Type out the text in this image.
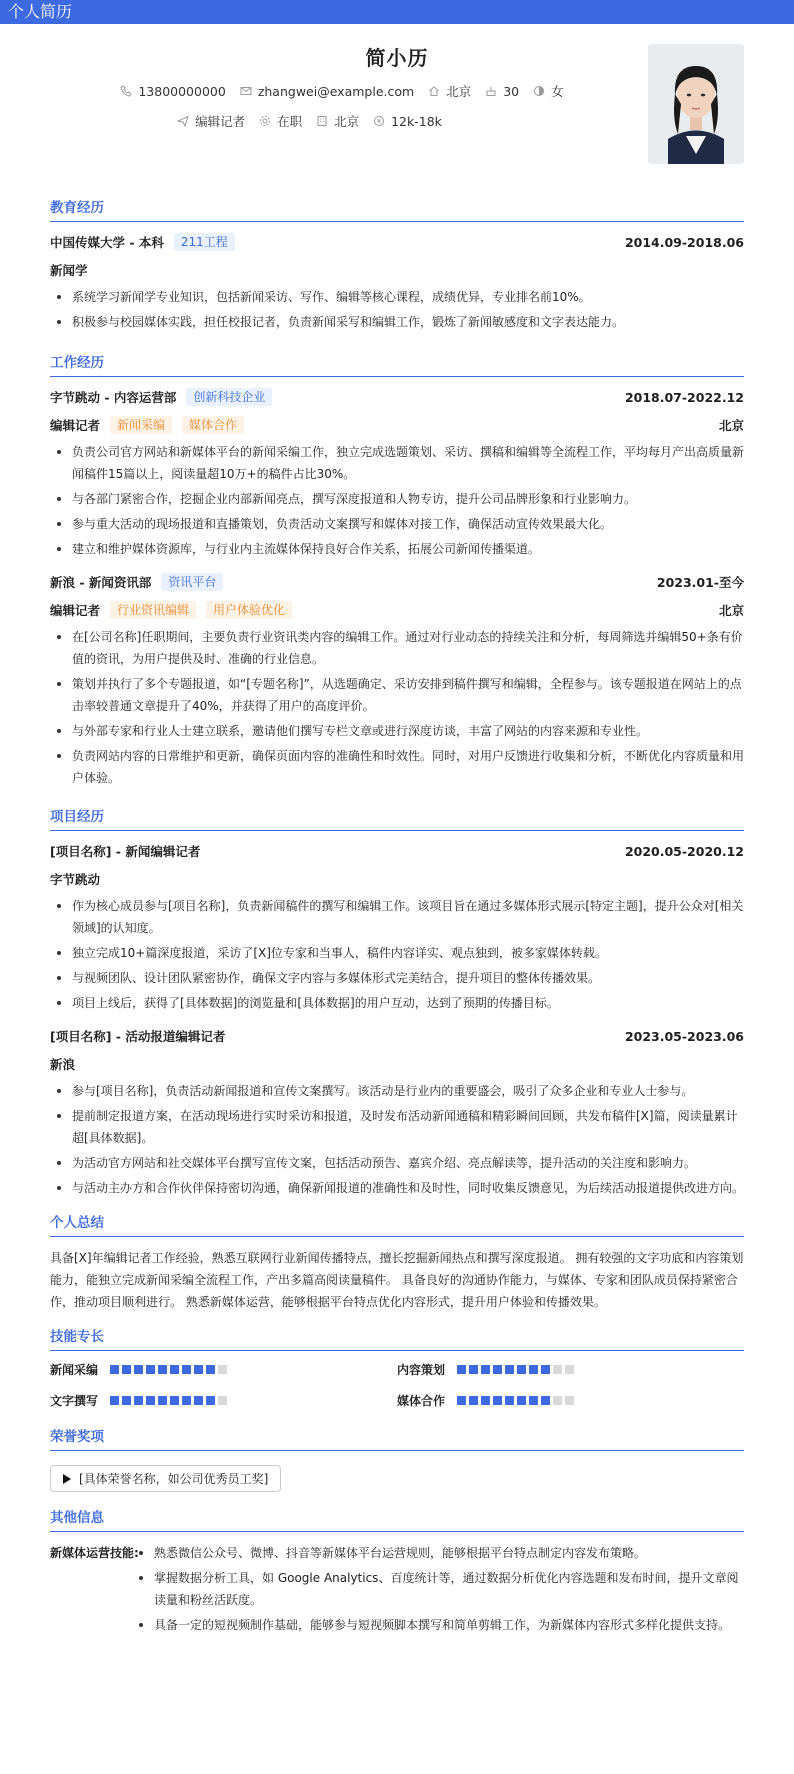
个人简历
简小历
13800000000	zhangwei@example.com	北京	30	女
编辑记者	在职	北京	12k-18k
教育经历
中国传媒大学 - 本科	211工程	2014.09-2018.06
新闻学
系统学习新闻学专业知识，包括新闻采访、写作、编辑等核心课程，成绩优异，专业排名前10%。
积极参与校园媒体实践，担任校报记者，负责新闻采写和编辑工作，锻炼了新闻敏感度和文字表达能力。
工作经历
字节跳动 - 内容运营部	创新科技企业	2018.07-2022.12
编辑记者	新闻采编	媒体合作	北京
负责公司官方网站和新媒体平台的新闻采编工作，独立完成选题策划、采访、撰稿和编辑等全流程工作，平均每月产出高质量新闻稿件15篇以上，阅读量超10万+的稿件占比30%。
与各部门紧密合作，挖掘企业内部新闻亮点，撰写深度报道和人物专访，提升公司品牌形象和行业影响力。
参与重大活动的现场报道和直播策划，负责活动文案撰写和媒体对接工作，确保活动宣传效果最大化。
建立和维护媒体资源库，与行业内主流媒体保持良好合作关系，拓展公司新闻传播渠道。
新浪 - 新闻资讯部	资讯平台	2023.01-至今
编辑记者	行业资讯编辑	用户体验优化	北京
在[公司名称]任职期间，主要负责行业资讯类内容的编辑工作。通过对行业动态的持续关注和分析，每周筛选并编辑50+条有价值的资讯，为用户提供及时、准确的行业信息。
策划并执行了多个专题报道，如“[专题名称]”，从选题确定、采访安排到稿件撰写和编辑，全程参与。该专题报道在网站上的点击率较普通文章提升了40%，并获得了用户的高度评价。
与外部专家和行业人士建立联系，邀请他们撰写专栏文章或进行深度访谈，丰富了网站的内容来源和专业性。
负责网站内容的日常维护和更新，确保页面内容的准确性和时效性。同时，对用户反馈进行收集和分析，不断优化内容质量和用户体验。
项目经历
[项目名称] - 新闻编辑记者	2020.05-2020.12
字节跳动
作为核心成员参与[项目名称]，负责新闻稿件的撰写和编辑工作。该项目旨在通过多媒体形式展示[特定主题]，提升公众对[相关领域]的认知度。
独立完成10+篇深度报道，采访了[X]位专家和当事人，稿件内容详实、观点独到，被多家媒体转载。
与视频团队、设计团队紧密协作，确保文字内容与多媒体形式完美结合，提升项目的整体传播效果。
项目上线后，获得了[具体数据]的浏览量和[具体数据]的用户互动，达到了预期的传播目标。
[项目名称] - 活动报道编辑记者	2023.05-2023.06
新浪
参与[项目名称]，负责活动新闻报道和宣传文案撰写。该活动是行业内的重要盛会，吸引了众多企业和专业人士参与。
提前制定报道方案，在活动现场进行实时采访和报道，及时发布活动新闻通稿和精彩瞬间回顾，共发布稿件[X]篇，阅读量累计超[具体数据]。
为活动官方网站和社交媒体平台撰写宣传文案，包括活动预告、嘉宾介绍、亮点解读等，提升活动的关注度和影响力。
与活动主办方和合作伙伴保持密切沟通，确保新闻报道的准确性和及时性，同时收集反馈意见，为后续活动报道提供改进方向。
个人总结

具备[X]年编辑记者工作经验，熟悉互联网行业新闻传播特点，擅长挖掘新闻热点和撰写深度报道。 拥有较强的文字功底和内容策划能力，能独立完成新闻采编全流程工作，产出多篇高阅读量稿件。 具备良好的沟通协作能力，与媒体、专家和团队成员保持紧密合作，推动项目顺利进行。 熟悉新媒体运营，能够根据平台特点优化内容形式，提升用户体验和传播效果。

技能专长
新闻采编	内容策划
文字撰写	媒体合作
荣誉奖项
[具体荣誉名称，如公司优秀员工奖]
其他信息
新媒体运营技能:	熟悉微信公众号、微博、抖音等新媒体平台运营规则，能够根据平台特点制定内容发布策略。
掌握数据分析工具，如 Google Analytics、百度统计等，通过数据分析优化内容选题和发布时间，提升文章阅读量和粉丝活跃度。
具备一定的短视频制作基础，能够参与短视频脚本撰写和简单剪辑工作，为新媒体内容形式多样化提供支持。
